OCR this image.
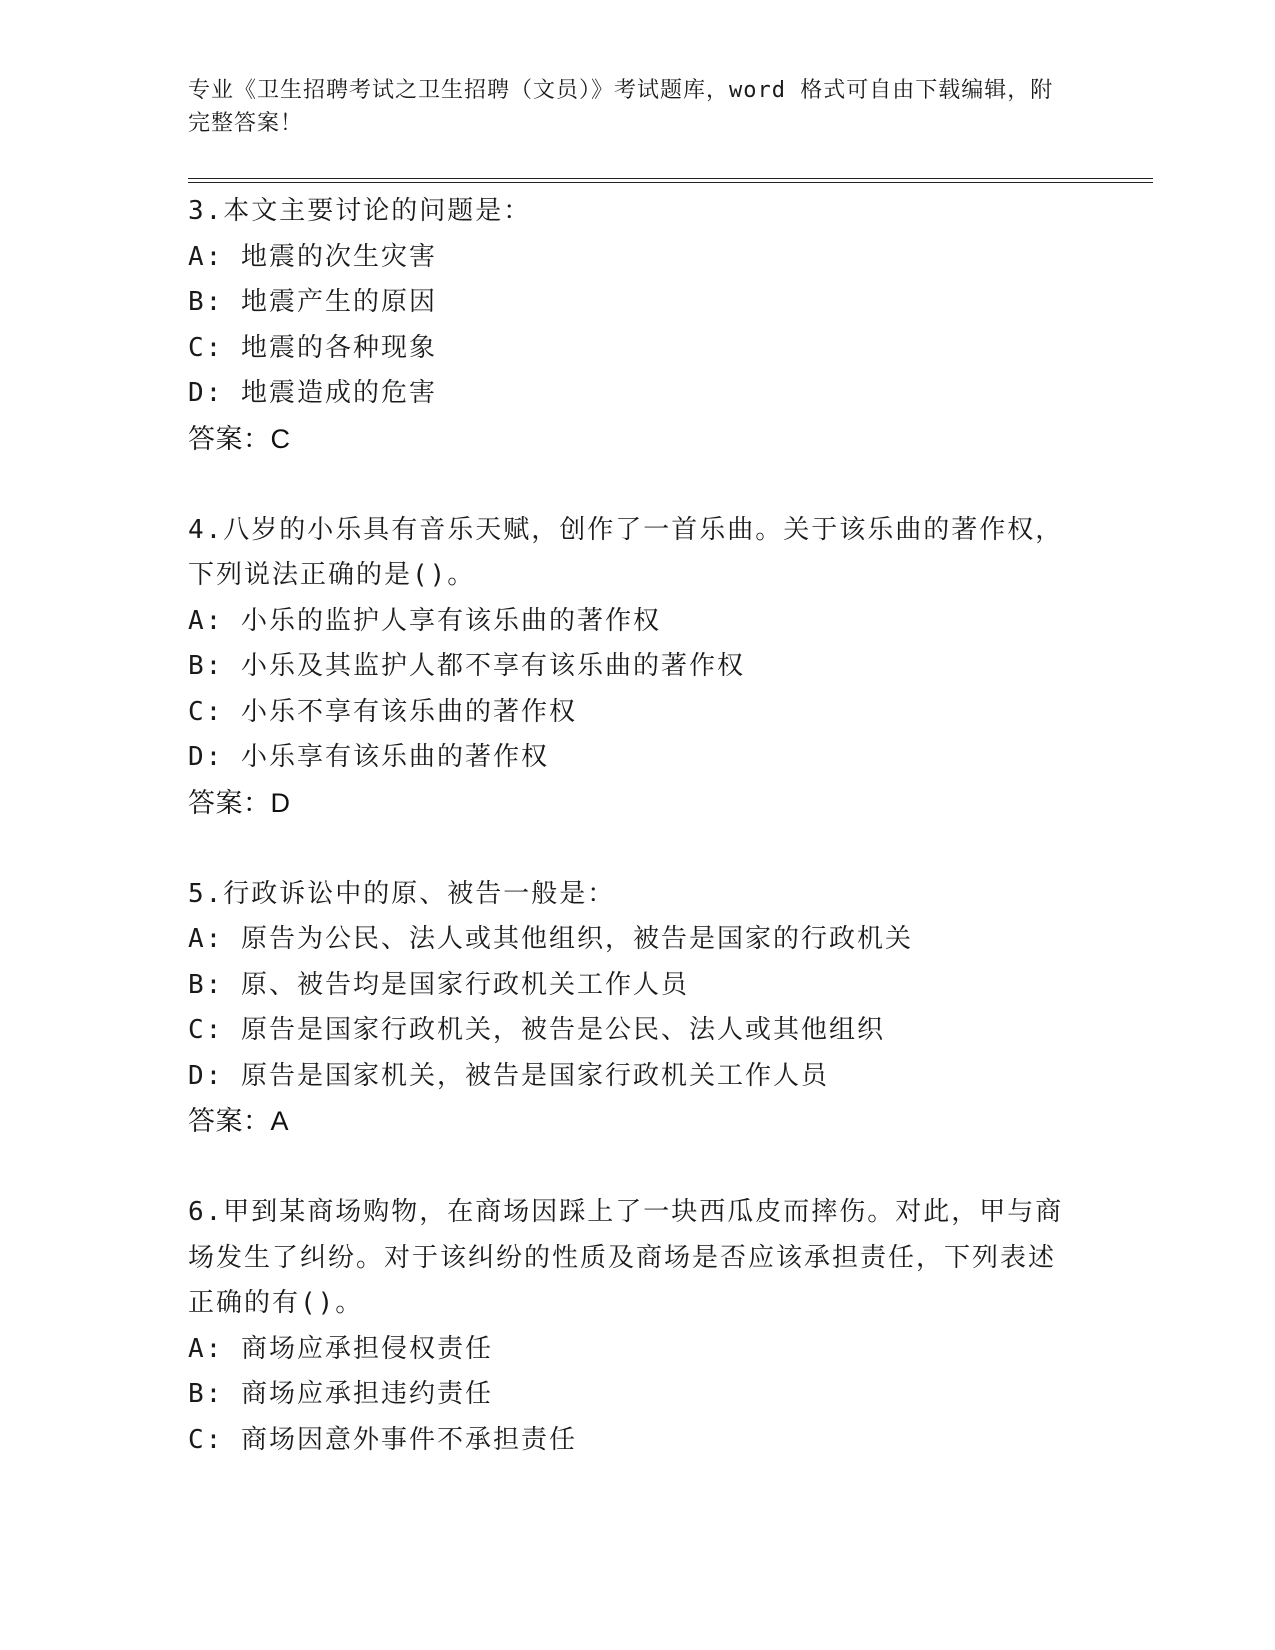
专业《卫生招聘考试之卫生招聘（文员）》考试题库，word 格式可自由下载编辑，附完整答案！
3.本文主要讨论的问题是：
A: 地震的次生灾害
B: 地震产生的原因
C: 地震的各种现象
D: 地震造成的危害
答案：C
4.八岁的小乐具有音乐天赋，创作了一首乐曲。关于该乐曲的著作权，下列说法正确的是()。
A: 小乐的监护人享有该乐曲的著作权
B: 小乐及其监护人都不享有该乐曲的著作权
C: 小乐不享有该乐曲的著作权
D: 小乐享有该乐曲的著作权
答案：D
5.行政诉讼中的原、被告一般是：
A: 原告为公民、法人或其他组织，被告是国家的行政机关
B: 原、被告均是国家行政机关工作人员
C: 原告是国家行政机关，被告是公民、法人或其他组织
D: 原告是国家机关，被告是国家行政机关工作人员
答案：A
6.甲到某商场购物，在商场因踩上了一块西瓜皮而摔伤。对此，甲与商场发生了纠纷。对于该纠纷的性质及商场是否应该承担责任，下列表述正确的有()。
A: 商场应承担侵权责任
B: 商场应承担违约责任
C: 商场因意外事件不承担责任
